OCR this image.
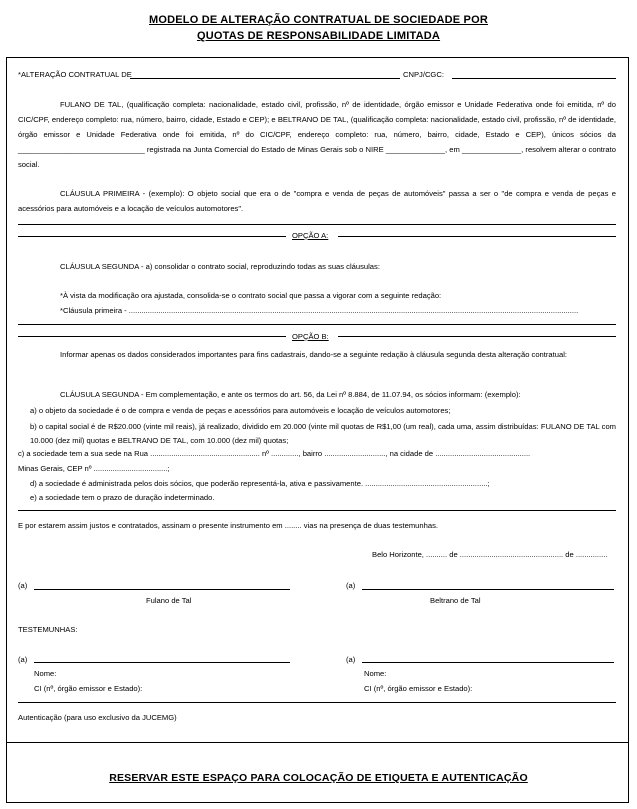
MODELO DE ALTERAÇÃO CONTRATUAL DE SOCIEDADE POR
QUOTAS DE RESPONSABILIDADE LIMITADA
*ALTERAÇÃO CONTRATUAL DE	CNPJ/CGC:
FULANO DE TAL, (qualificação completa: nacionalidade, estado civil, profissão, nº de identidade, órgão emissor e Unidade Federativa onde foi emitida, nº do CIC/CPF, endereço completo: rua, número, bairro, cidade, Estado e CEP); e BELTRANO DE TAL, (qualificação completa: nacionalidade, estado civil, profissão, nº de identidade, órgão emissor e Unidade Federativa onde foi emitida, nº do CIC/CPF, endereço completo: rua, número, bairro, cidade, Estado e CEP), únicos sócios da ______________________________ registrada na Junta Comercial do Estado de Minas Gerais sob o NIRE ______________, em ______________, resolvem alterar o contrato social.
CLÁUSULA PRIMEIRA - (exemplo): O objeto social que era o de "compra e venda de peças de automóveis" passa a ser o "de compra e venda de peças e acessórios para automóveis e a locação de veículos automotores".
OPÇÃO A:
CLÁUSULA SEGUNDA - a) consolidar o contrato social, reproduzindo todas as suas cláusulas:
*À vista da modificação ora ajustada, consolida-se o contrato social que passa a vigorar com a seguinte redação:
*Cláusula primeira - .....................................................................................................................................................................................................................
OPÇÃO B:
Informar apenas os dados considerados importantes para fins cadastrais, dando-se a seguinte redação à cláusula segunda desta alteração contratual:
CLÁUSULA SEGUNDA - Em complementação, e ante os termos do art. 56, da Lei nº 8.884, de 11.07.94, os sócios informam: (exemplo):
a) o objeto da sociedade é o de compra e venda de peças e acessórios para automóveis e locação de veículos automotores;
b) o capital social é de R$20.000 (vinte mil reais), já realizado, dividido em 20.000 (vinte mil quotas de R$1,00 (um real), cada uma, assim distribuídas: FULANO DE TAL com 10.000 (dez mil) quotas e BELTRANO DE TAL, com 10.000 (dez mil) quotas;
c) a sociedade tem a sua sede na Rua .................................................... nº ............., bairro ............................., na cidade de .............................................
Minas Gerais, CEP nº ...................................;
d) a sociedade é administrada pelos dois sócios, que poderão representá-la, ativa e passivamente. ..........................................................;
e) a sociedade tem o prazo de duração indeterminado.
E por estarem assim justos e contratados, assinam o presente instrumento em ........ vias na presença de duas testemunhas.
Belo Horizonte, .......... de ................................................. de ...............
(a)
Fulano de Tal
(a)
Beltrano de Tal
TESTEMUNHAS:
(a)
Nome:
CI (nº, órgão emissor e Estado):
(a)
Nome:
CI (nº, órgão emissor e Estado):
Autenticação (para uso exclusivo da JUCEMG)
RESERVAR ESTE ESPAÇO PARA COLOCAÇÃO DE ETIQUETA E AUTENTICAÇÃO
